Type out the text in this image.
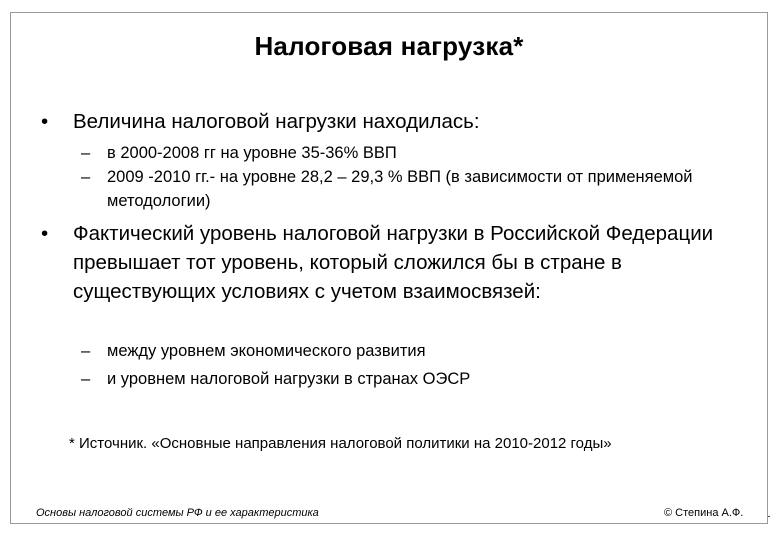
Налоговая нагрузка*
•	Величина налоговой нагрузки находилась:
–	в 2000-2008 гг на уровне 35-36% ВВП
–	2009 -2010 гг.- на уровне 28,2 – 29,3 % ВВП (в зависимости от применяемой методологии)
•	Фактический уровень налоговой нагрузки в Российской Федерации превышает тот уровень, который сложился бы в стране в существующих условиях с учетом взаимосвязей:
–	между уровнем экономического развития
–	и уровнем налоговой нагрузки в странах ОЭСР
* Источник. «Основные направления налоговой политики на 2010-2012 годы»
Основы налоговой системы РФ и ее характеристика	© Степина А.Ф.
